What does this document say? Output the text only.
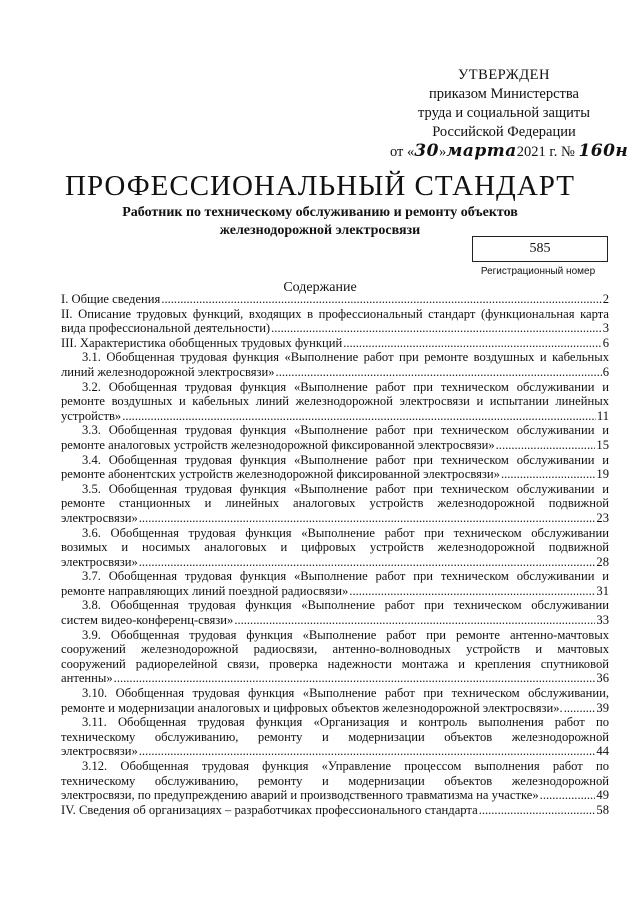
УТВЕРЖДЕН
приказом Министерства
труда и социальной защиты
Российской Федерации
от «30»марта2021 г. № 160н
ПРОФЕССИОНАЛЬНЫЙ СТАНДАРТ
Работник по техническому обслуживанию и ремонту объектов
железнодорожной электросвязи
585
Регистрационный номер
Содержание
I. Общие сведения .....	2
II. Описание трудовых функций, входящих в профессиональный стандарт (функциональная карта
вида профессиональной деятельности) .....	3
III. Характеристика обобщенных трудовых функций .....	6
3.1. Обобщенная трудовая функция «Выполнение работ при ремонте воздушных и кабельных
линий железнодорожной электросвязи» .....	6
3.2. Обобщенная трудовая функция «Выполнение работ при техническом обслуживании и
ремонте воздушных и кабельных линий железнодорожной электросвязи и испытании линейных
устройств» .....	11
3.3. Обобщенная трудовая функция «Выполнение работ при техническом обслуживании и
ремонте аналоговых устройств железнодорожной фиксированной электросвязи» .....	15
3.4. Обобщенная трудовая функция «Выполнение работ при техническом обслуживании и
ремонте абонентских устройств железнодорожной фиксированной электросвязи» .....	19
3.5. Обобщенная трудовая функция «Выполнение работ при техническом обслуживании и
ремонте станционных и линейных аналоговых устройств железнодорожной подвижной
электросвязи» .....	23
3.6. Обобщенная трудовая функция «Выполнение работ при техническом обслуживании
возимых и носимых аналоговых и цифровых устройств железнодорожной подвижной
электросвязи» .....	28
3.7. Обобщенная трудовая функция «Выполнение работ при техническом обслуживании и
ремонте направляющих линий поездной радиосвязи» .....	31
3.8. Обобщенная трудовая функция «Выполнение работ при техническом обслуживании
систем видео-конференц-связи» .....	33
3.9. Обобщенная трудовая функция «Выполнение работ при ремонте антенно-мачтовых
сооружений железнодорожной радиосвязи, антенно-волноводных устройств и мачтовых
сооружений радиорелейной связи, проверка надежности монтажа и крепления спутниковой
антенны» .....	36
3.10. Обобщенная трудовая функция «Выполнение работ при техническом обслуживании,
ремонте и модернизации аналоговых и цифровых объектов железнодорожной электросвязи». .....	39
3.11. Обобщенная трудовая функция «Организация и контроль выполнения работ по
техническому обслуживанию, ремонту и модернизации объектов железнодорожной
электросвязи» .....	44
3.12. Обобщенная трудовая функция «Управление процессом выполнения работ по
техническому обслуживанию, ремонту и модернизации объектов железнодорожной
электросвязи, по предупреждению аварий и производственного травматизма на участке» .....	49
IV. Сведения об организациях – разработчиках профессионального стандарта .....	58
